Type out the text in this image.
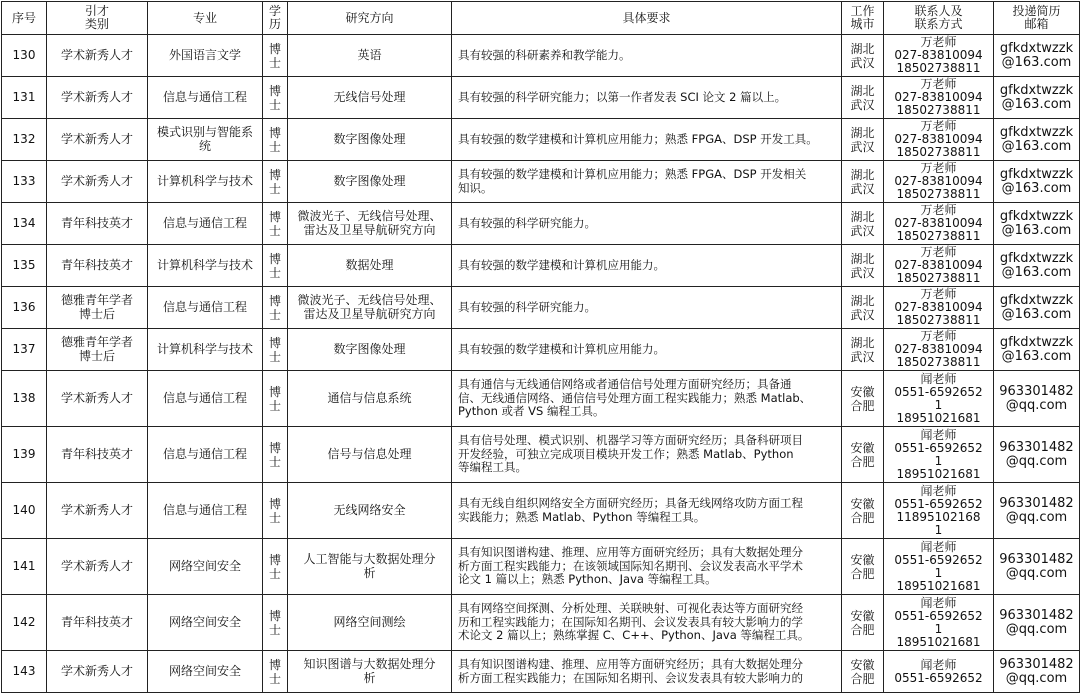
序号	引才
类别	专业	学
历	研究方向	具体要求	工作
城市	联系人及
联系方式	投递简历
邮箱

130	学术新秀人才	外国语言文学	博
士	英语	具有较强的科研素养和教学能力。	湖北
武汉	万老师
027-83810094
18502738811	gfkdxtwzzk
@163.com

131	学术新秀人才	信息与通信工程	博
士	无线信号处理	具有较强的科学研究能力；以第一作者发表 SCI 论文 2 篇以上。	湖北
武汉	万老师
027-83810094
18502738811	gfkdxtwzzk
@163.com

132	学术新秀人才	模式识别与智能系
统	博
士	数字图像处理	具有较强的数学建模和计算机应用能力；熟悉 FPGA、DSP 开发工具。	湖北
武汉	万老师
027-83810094
18502738811	gfkdxtwzzk
@163.com

133	学术新秀人才	计算机科学与技术	博
士	数字图像处理	具有较强的数学建模和计算机应用能力；熟悉 FPGA、DSP 开发相关
知识。	湖北
武汉	万老师
027-83810094
18502738811	gfkdxtwzzk
@163.com

134	青年科技英才	信息与通信工程	博
士	微波光子、无线信号处理、
雷达及卫星导航研究方向	具有较强的科学研究能力。	湖北
武汉	万老师
027-83810094
18502738811	gfkdxtwzzk
@163.com

135	青年科技英才	计算机科学与技术	博
士	数据处理	具有较强的数学建模和计算机应用能力。	湖北
武汉	万老师
027-83810094
18502738811	gfkdxtwzzk
@163.com

136	德雅青年学者
博士后	信息与通信工程	博
士	微波光子、无线信号处理、
雷达及卫星导航研究方向	具有较强的科学研究能力。	湖北
武汉	万老师
027-83810094
18502738811	gfkdxtwzzk
@163.com

137	德雅青年学者
博士后	计算机科学与技术	博
士	数字图像处理	具有较强的数学建模和计算机应用能力。	湖北
武汉	万老师
027-83810094
18502738811	gfkdxtwzzk
@163.com

138	学术新秀人才	信息与通信工程	博
士	通信与信息系统	具有通信与无线通信网络或者通信信号处理方面研究经历；具备通
信、无线通信网络、通信信号处理方面工程实践能力；熟悉 Matlab、
Python 或者 VS 编程工具。	安徽
合肥	闻老师
0551-6592652
1
18951021681	963301482
@qq.com

139	青年科技英才	信息与通信工程	博
士	信号与信息处理	具有信号处理、模式识别、机器学习等方面研究经历；具备科研项目
开发经验，可独立完成项目模块开发工作；熟悉 Matlab、Python
等编程工具。	安徽
合肥	闻老师
0551-6592652
1
18951021681	963301482
@qq.com

140	学术新秀人才	信息与通信工程	博
士	无线网络安全	具有无线自组织网络安全方面研究经历；具备无线网络攻防方面工程
实践能力；熟悉 Matlab、Python 等编程工具。	安徽
合肥	闻老师
0551-6592652
11895102168
1	963301482
@qq.com

141	学术新秀人才	网络空间安全	博
士	人工智能与大数据处理分
析	具有知识图谱构建、推理、应用等方面研究经历；具有大数据处理分
析方面工程实践能力；在该领域国际知名期刊、会议发表高水平学术
论文 1 篇以上；熟悉 Python、Java 等编程工具。	安徽
合肥	闻老师
0551-6592652
1
18951021681	963301482
@qq.com

142	青年科技英才	网络空间安全	博
士	网络空间测绘	具有网络空间探测、分析处理、关联映射、可视化表达等方面研究经
历和工程实践能力；在国际知名期刊、会议发表具有较大影响力的学
术论文 2 篇以上；熟练掌握 C、C++、Python、Java 等编程工具。	安徽
合肥	闻老师
0551-6592652
1
18951021681	963301482
@qq.com

143	学术新秀人才	网络空间安全	博
士	知识图谱与大数据处理分
析	具有知识图谱构建、推理、应用等方面研究经历；具有大数据处理分
析方面工程实践能力；在国际知名期刊、会议发表具有较大影响力的	安徽
合肥	闻老师
0551-6592652	963301482
@qq.com
